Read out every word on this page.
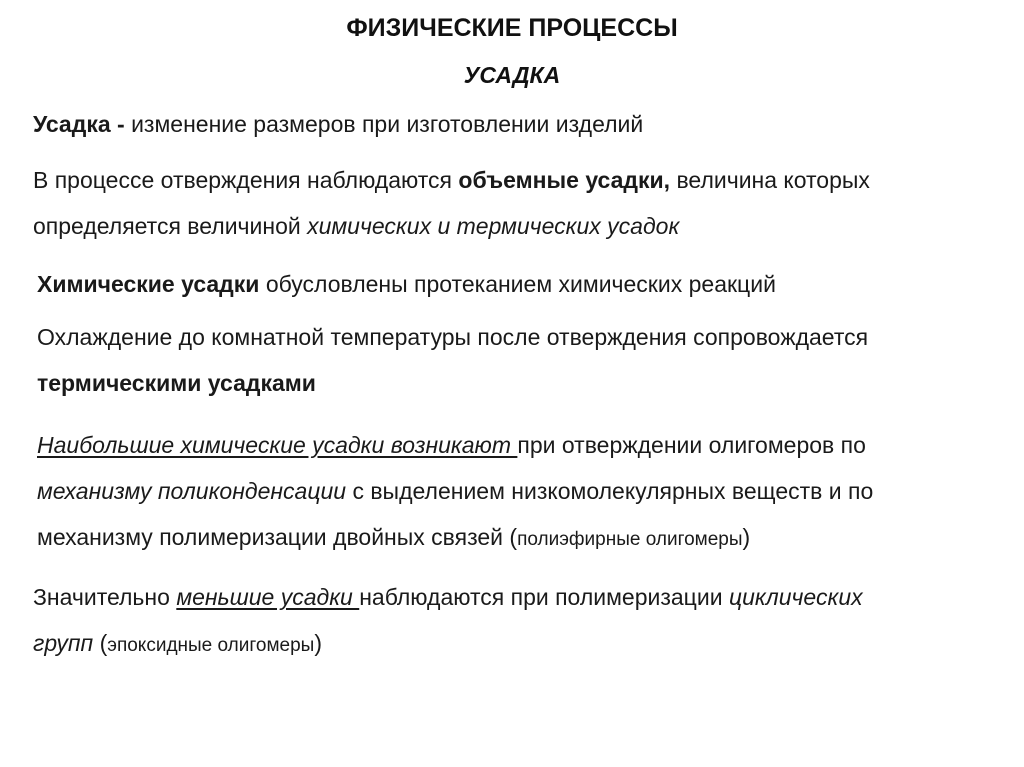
ФИЗИЧЕСКИЕ ПРОЦЕССЫ
УСАДКА
Усадка - изменение размеров при изготовлении изделий
В процессе отверждения наблюдаются объемные усадки, величина которых
определяется величиной химических и термических усадок
Химические усадки обусловлены протеканием химических реакций
Охлаждение до комнатной температуры после отверждения сопровождается
термическими усадками
Наибольшие химические усадки возникают при отверждении олигомеров по
механизму поликонденсации с выделением низкомолекулярных веществ и по
механизму полимеризации двойных связей (полиэфирные олигомеры)
Значительно меньшие усадки наблюдаются при полимеризации циклических
групп (эпоксидные олигомеры)
